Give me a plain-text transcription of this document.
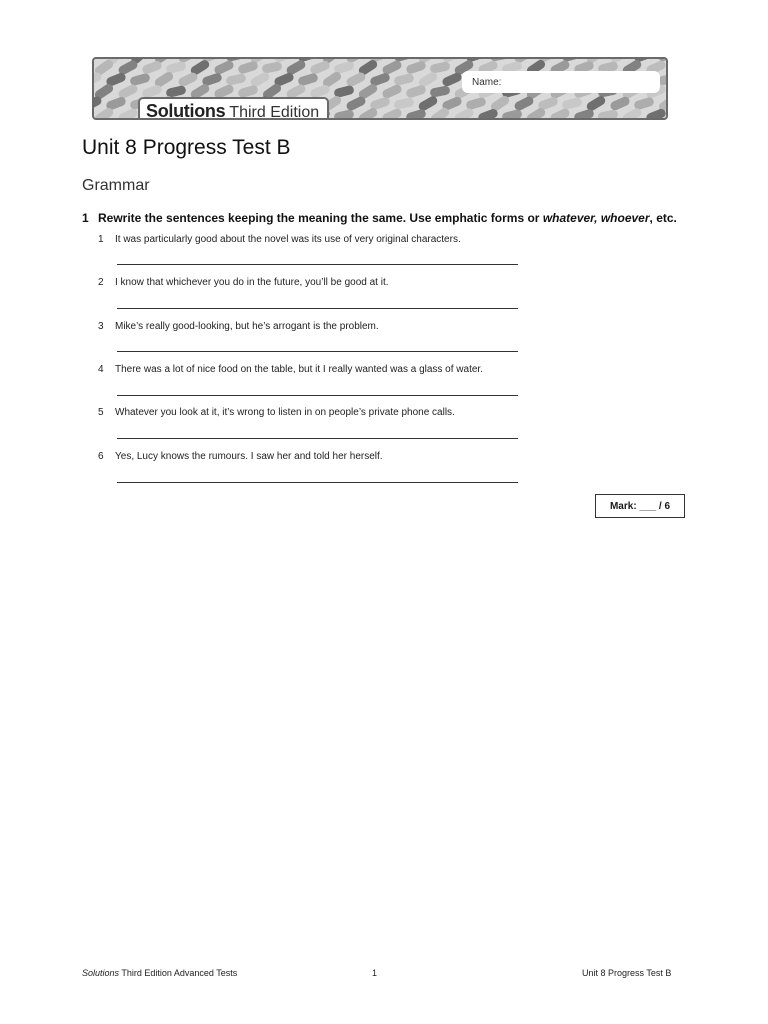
Solutions Third Edition
Name:
Unit 8 Progress Test B
Grammar
1 Rewrite the sentences keeping the meaning the same. Use emphatic forms or whatever, whoever, etc.
1 It was particularly good about the novel was its use of very original characters.
2 I know that whichever you do in the future, you’ll be good at it.
3 Mike’s really good-looking, but he’s arrogant is the problem.
4 There was a lot of nice food on the table, but it I really wanted was a glass of water.
5 Whatever you look at it, it’s wrong to listen in on people’s private phone calls.
6 Yes, Lucy knows the rumours. I saw her and told her herself.
Mark: ___ / 6
Solutions Third Edition Advanced Tests	1	Unit 8 Progress Test B
